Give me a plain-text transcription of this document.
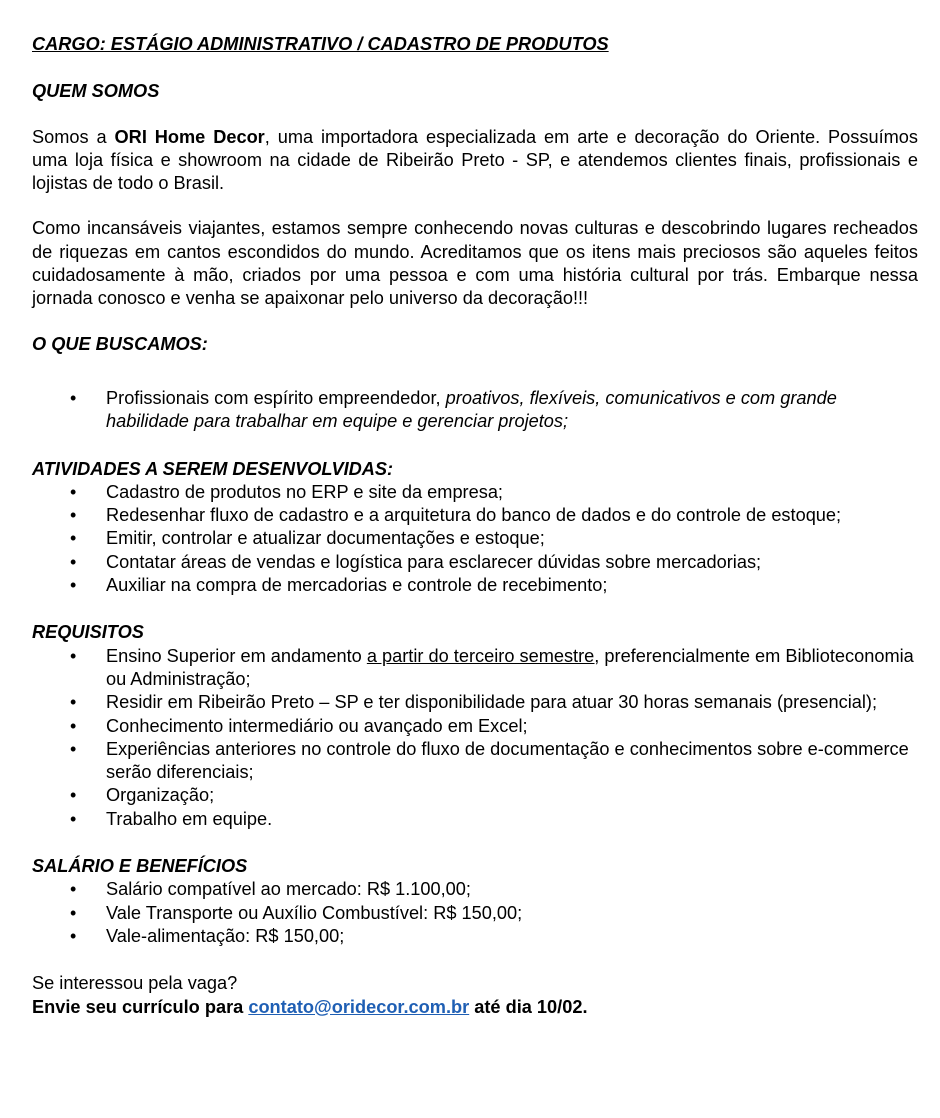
CARGO: ESTÁGIO ADMINISTRATIVO / CADASTRO DE PRODUTOS

QUEM SOMOS

Somos a ORI Home Decor, uma importadora especializada em arte e decoração do Oriente. Possuímos uma loja física e showroom na cidade de Ribeirão Preto - SP, e atendemos clientes finais, profissionais e lojistas de todo o Brasil.

Como incansáveis viajantes, estamos sempre conhecendo novas culturas e descobrindo lugares recheados de riquezas em cantos escondidos do mundo. Acreditamos que os itens mais preciosos são aqueles feitos cuidadosamente à mão, criados por uma pessoa e com uma história cultural por trás. Embarque nessa jornada conosco e venha se apaixonar pelo universo da decoração!!!

O QUE BUSCAMOS:

• Profissionais com espírito empreendedor, proativos, flexíveis, comunicativos e com grande habilidade para trabalhar em equipe e gerenciar projetos;

ATIVIDADES A SEREM DESENVOLVIDAS:

• Cadastro de produtos no ERP e site da empresa;
• Redesenhar fluxo de cadastro e a arquitetura do banco de dados e do controle de estoque;
• Emitir, controlar e atualizar documentações e estoque;
• Contatar áreas de vendas e logística para esclarecer dúvidas sobre mercadorias;
• Auxiliar na compra de mercadorias e controle de recebimento;

REQUISITOS

• Ensino Superior em andamento a partir do terceiro semestre, preferencialmente em Biblioteconomia ou Administração;
• Residir em Ribeirão Preto – SP e ter disponibilidade para atuar 30 horas semanais (presencial);
• Conhecimento intermediário ou avançado em Excel;
• Experiências anteriores no controle do fluxo de documentação e conhecimentos sobre e-commerce serão diferenciais;
• Organização;
• Trabalho em equipe.

SALÁRIO E BENEFÍCIOS

• Salário compatível ao mercado: R$ 1.100,00;
• Vale Transporte ou Auxílio Combustível: R$ 150,00;
• Vale-alimentação: R$ 150,00;

Se interessou pela vaga?

Envie seu currículo para contato@oridecor.com.br até dia 10/02.
